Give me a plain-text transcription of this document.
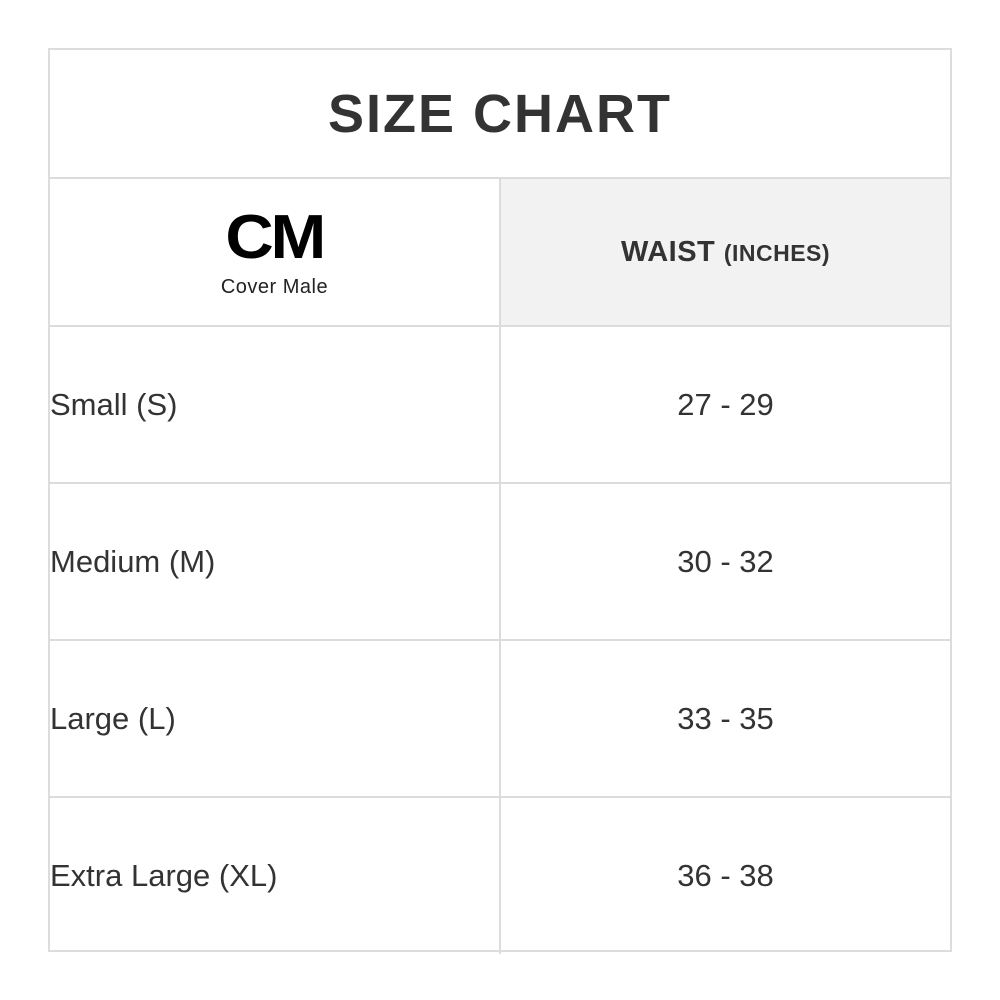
SIZE CHART	

CM
Cover Male	WAIST (INCHES)
Small (S)	27 - 29
Medium (M)	30 - 32
Large (L)	33 - 35
Extra Large (XL)	36 - 38
